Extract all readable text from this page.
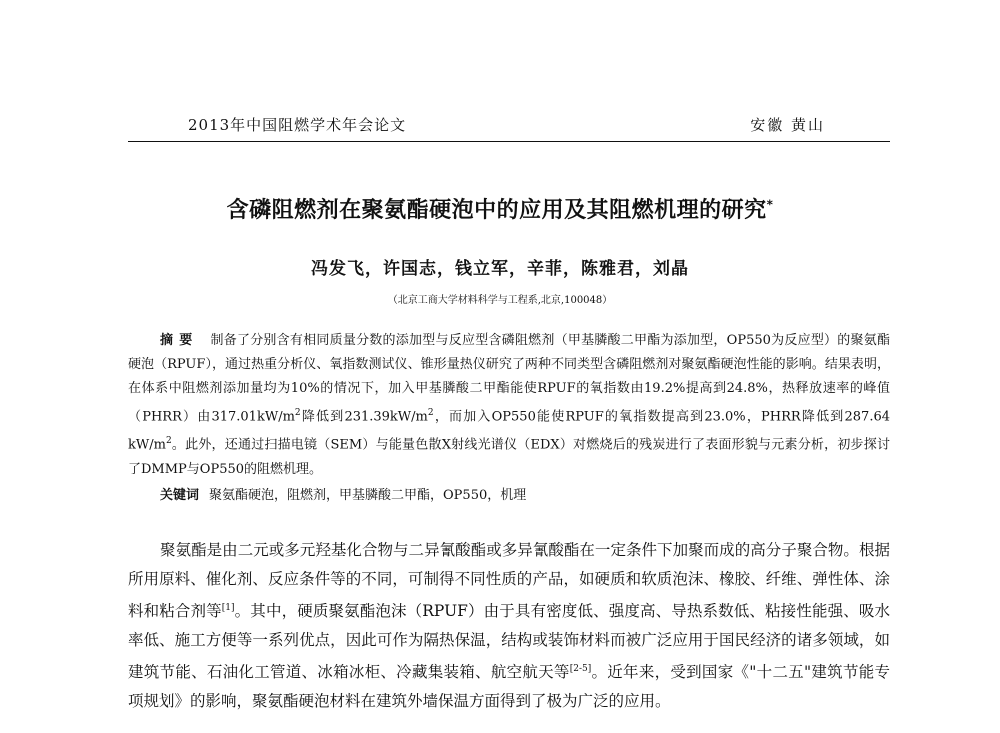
2013年中国阻燃学术年会论文	安徽 黄山
含磷阻燃剂在聚氨酯硬泡中的应用及其阻燃机理的研究*
冯发飞，许国志，钱立军，辛菲，陈雅君，刘晶
（北京工商大学材料科学与工程系,北京,100048）
摘要 制备了分别含有相同质量分数的添加型与反应型含磷阻燃剂（甲基膦酸二甲酯为添加型，OP550为反应型）的聚氨酯硬泡（RPUF），通过热重分析仪、氧指数测试仪、锥形量热仪研究了两种不同类型含磷阻燃剂对聚氨酯硬泡性能的影响。结果表明，在体系中阻燃剂添加量均为10%的情况下，加入甲基膦酸二甲酯能使RPUF的氧指数由19.2%提高到24.8%，热释放速率的峰值（PHRR）由$317.01kW/m^2$降低到$231.39kW/m^2$，而加入OP550能使RPUF的氧指数提高到23.0%，PHRR降低到287.64 $kW/m^2$。此外，还通过扫描电镜（SEM）与能量色散X射线光谱仪（EDX）对燃烧后的残炭进行了表面形貌与元素分析，初步探讨了DMMP与OP550的阻燃机理。
关键词 聚氨酯硬泡，阻燃剂，甲基膦酸二甲酯，OP550，机理
聚氨酯是由二元或多元羟基化合物与二异氰酸酯或多异氰酸酯在一定条件下加聚而成的高分子聚合物。根据所用原料、催化剂、反应条件等的不同，可制得不同性质的产品，如硬质和软质泡沫、橡胶、纤维、弹性体、涂料和粘合剂等[1]。其中，硬质聚氨酯泡沫（RPUF）由于具有密度低、强度高、导热系数低、粘接性能强、吸水率低、施工方便等一系列优点，因此可作为隔热保温，结构或装饰材料而被广泛应用于国民经济的诸多领域，如建筑节能、石油化工管道、冰箱冰柜、冷藏集装箱、航空航天等[2-5]。近年来，受到国家《"十二五"建筑节能专项规划》的影响，聚氨酯硬泡材料在建筑外墙保温方面得到了极为广泛的应用。
